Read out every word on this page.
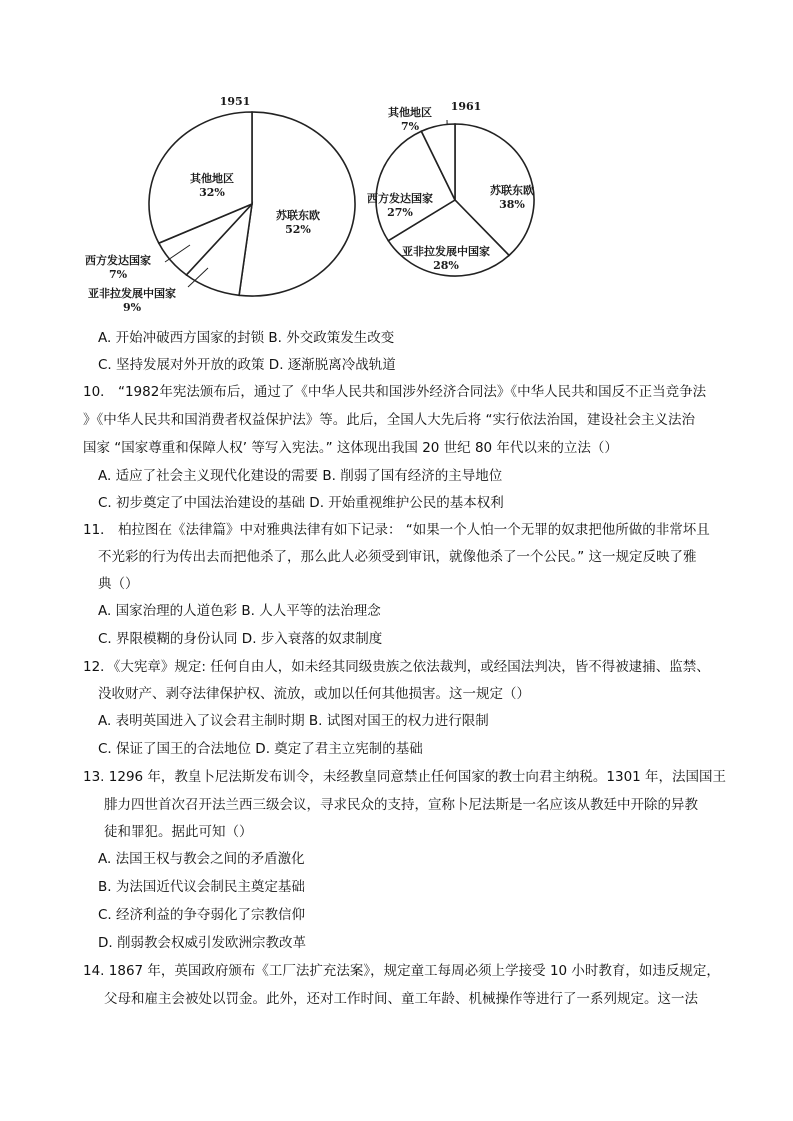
1951
其他地区
32%
苏联东欧
52%
西方发达国家
7%
亚非拉发展中国家
9%
1961
其他地区
7%
苏联东欧
38%
西方发达国家
27%
亚非拉发展中国家
28%
A. 开始冲破西方国家的封锁 B. 外交政策发生改变
C. 坚持发展对外开放的政策 D. 逐渐脱离冷战轨道
10． “1982年宪法颁布后，通过了《中华人民共和国涉外经济合同法》《中华人民共和国反不正当竞争法
》《中华人民共和国消费者权益保护法》等。此后，全国人大先后将 “实行依法治国，建设社会主义法治
国家 “国家尊重和保障人权’ 等写入宪法。” 这体现出我国 20 世纪 80 年代以来的立法（）
A. 适应了社会主义现代化建设的需要 B. 削弱了国有经济的主导地位
C. 初步奠定了中国法治建设的基础 D. 开始重视维护公民的基本权利
11． 柏拉图在《法律篇》中对雅典法律有如下记录： “如果一个人怕一个无罪的奴隶把他所做的非常坏且
不光彩的行为传出去而把他杀了，那么此人必须受到审讯，就像他杀了一个公民。” 这一规定反映了雅
典（）
A. 国家治理的人道色彩 B. 人人平等的法治理念
C. 界限模糊的身份认同 D. 步入衰落的奴隶制度
12．《大宪章》规定: 任何自由人，如未经其同级贵族之依法裁判，或经国法判决，皆不得被逮捕、监禁、
没收财产、剥夺法律保护权、流放，或加以任何其他损害。这一规定（）
A. 表明英国进入了议会君主制时期 B. 试图对国王的权力进行限制
C. 保证了国王的合法地位 D. 奠定了君主立宪制的基础
13. 1296 年，教皇卜尼法斯发布训令，未经教皇同意禁止任何国家的教士向君主纳税。1301 年，法国国王
腓力四世首次召开法兰西三级会议，寻求民众的支持，宣称卜尼法斯是一名应该从教廷中开除的异教
徒和罪犯。据此可知（）
A. 法国王权与教会之间的矛盾激化
B. 为法国近代议会制民主奠定基础
C. 经济利益的争夺弱化了宗教信仰
D. 削弱教会权威引发欧洲宗教改革
14. 1867 年，英国政府颁布《工厂法扩充法案》，规定童工每周必须上学接受 10 小时教育，如违反规定，
父母和雇主会被处以罚金。此外，还对工作时间、童工年龄、机械操作等进行了一系列规定。这一法
